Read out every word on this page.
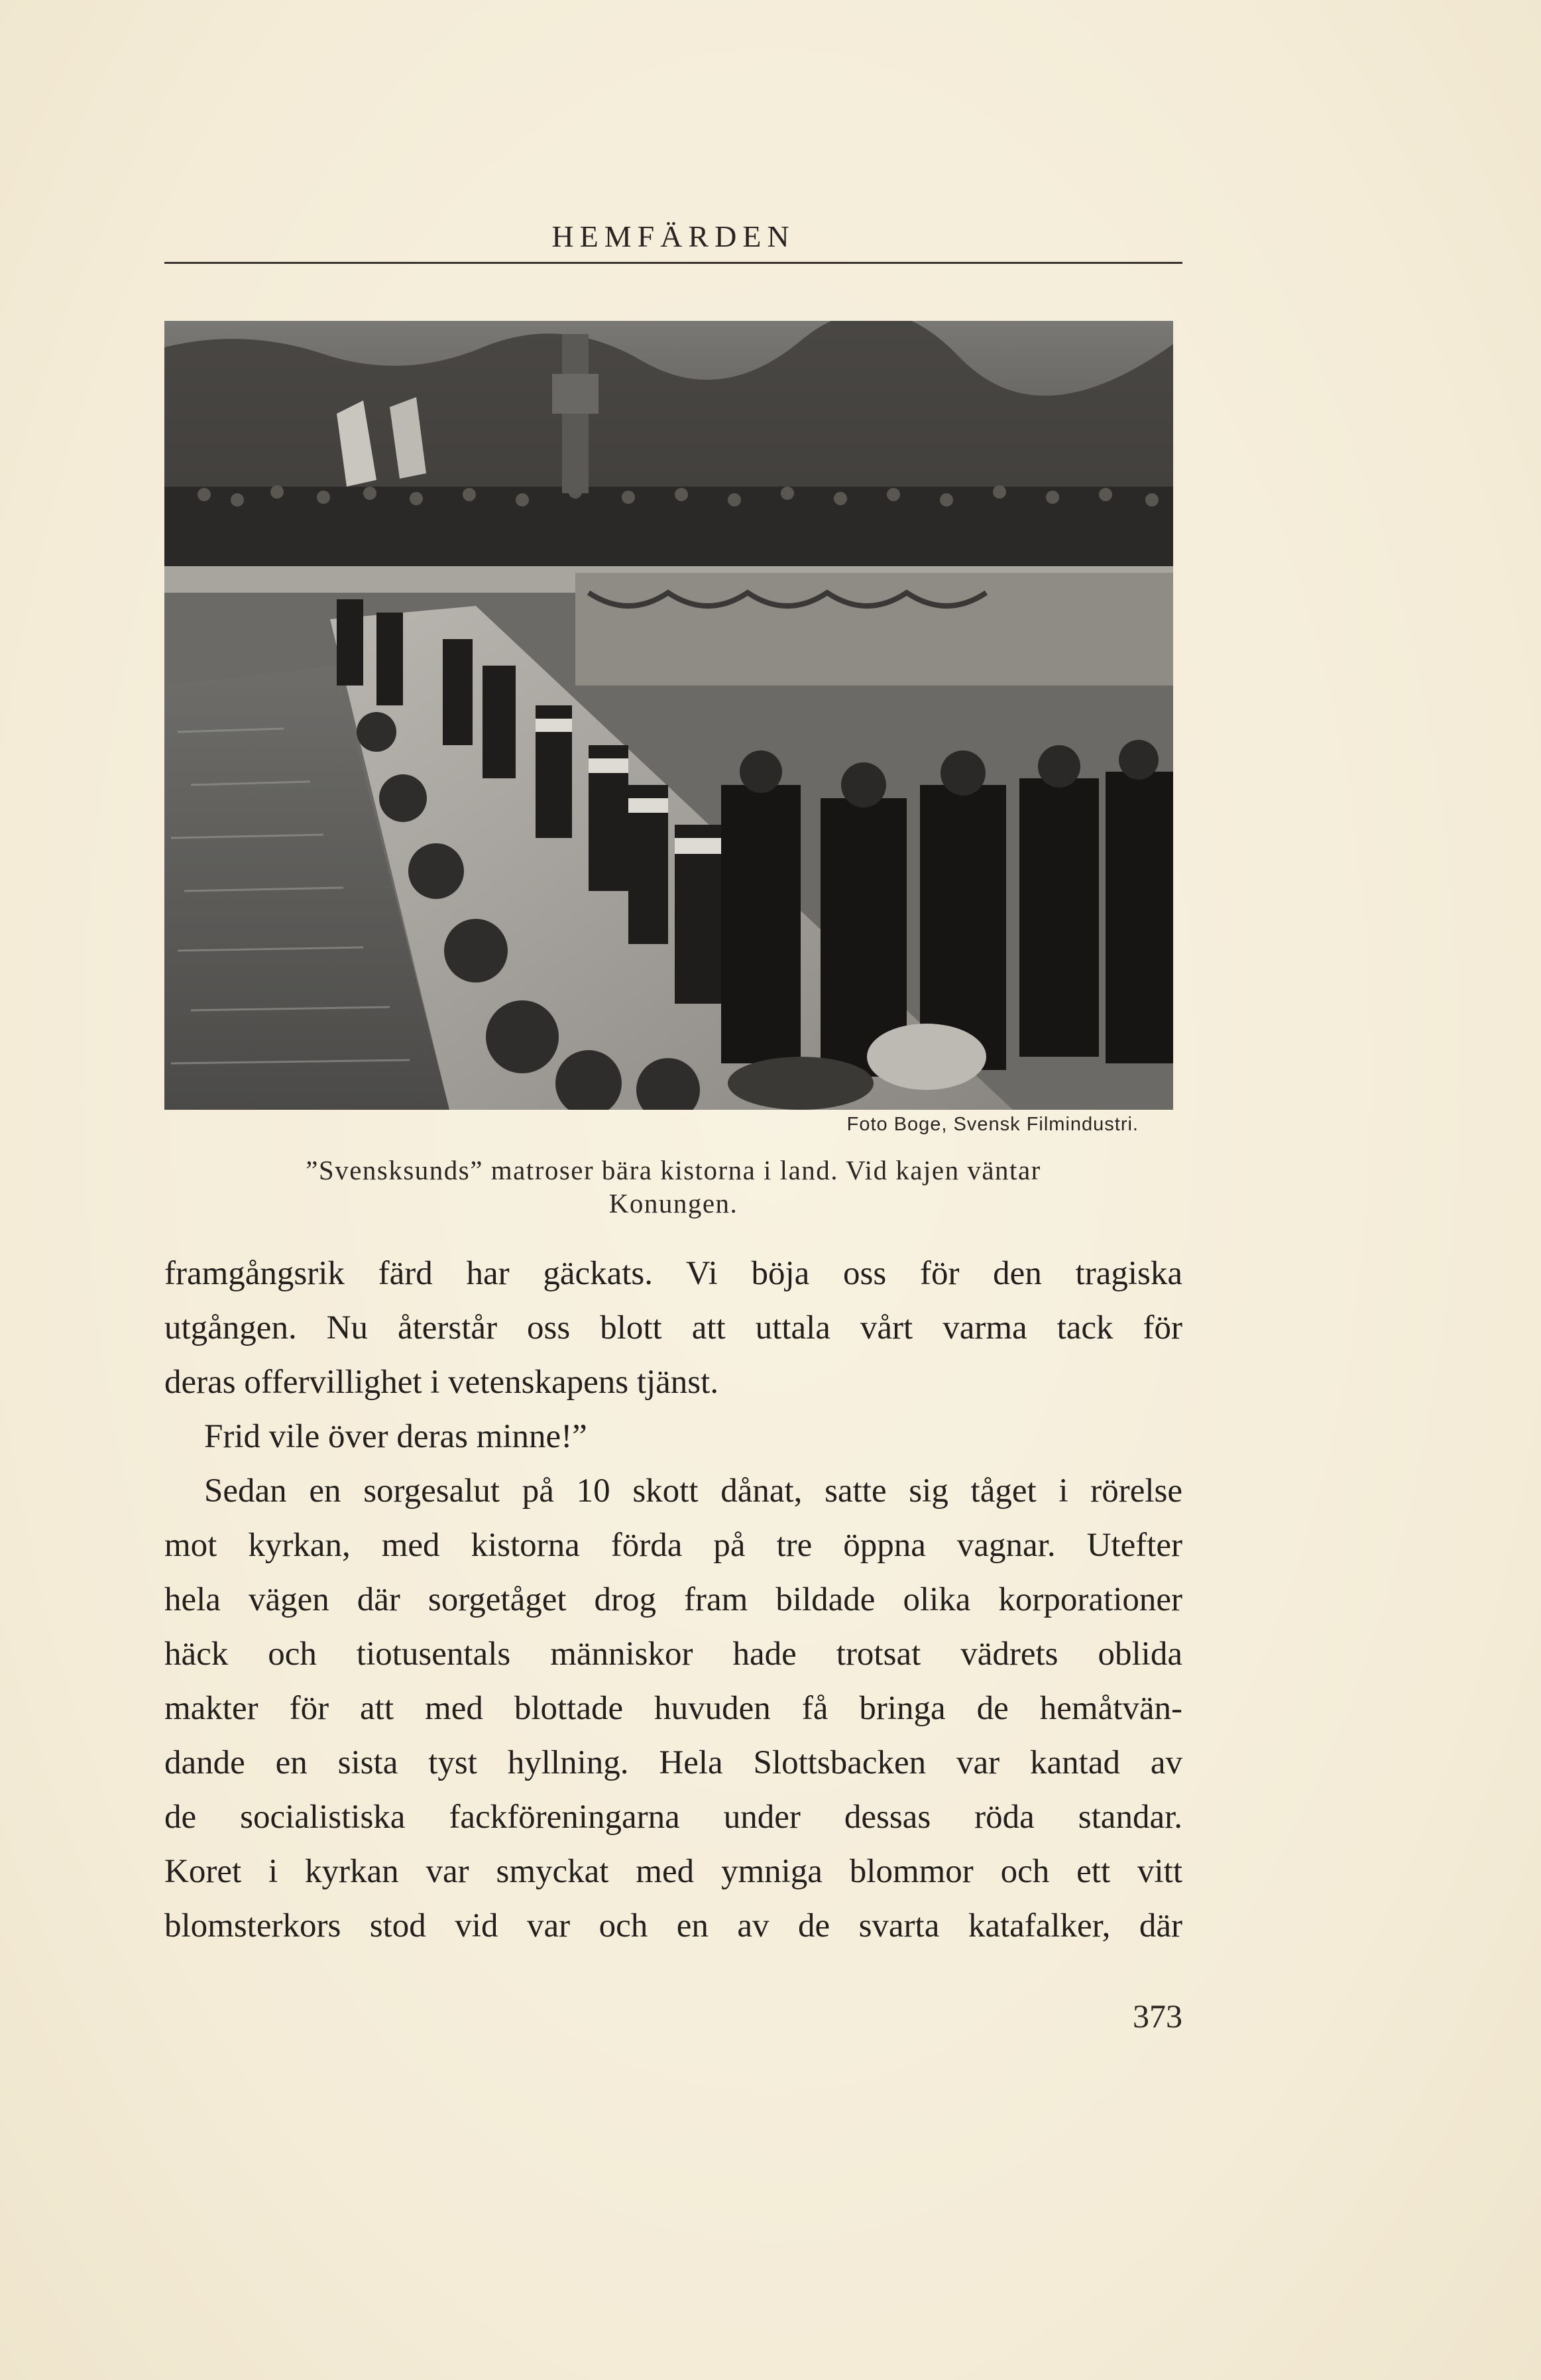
HEMFÄRDEN
Foto Boge, Svensk Filmindustri.
”Svensksunds” matroser bära kistorna i land. Vid kajen väntar
Konungen.
framgångsrik färd har gäckats. Vi böja oss för den tragiska
utgången. Nu återstår oss blott att uttala vårt varma tack för
deras offervillighet i vetenskapens tjänst.
Frid vile över deras minne!”
Sedan en sorgesalut på 10 skott dånat, satte sig tåget i rörelse
mot kyrkan, med kistorna förda på tre öppna vagnar. Utefter
hela vägen där sorgetåget drog fram bildade olika korporationer
häck och tiotusentals människor hade trotsat vädrets oblida
makter för att med blottade huvuden få bringa de hemåtvän-
dande en sista tyst hyllning. Hela Slottsbacken var kantad av
de socialistiska fackföreningarna under dessas röda standar.
Koret i kyrkan var smyckat med ymniga blommor och ett vitt
blomsterkors stod vid var och en av de svarta katafalker, där
373
